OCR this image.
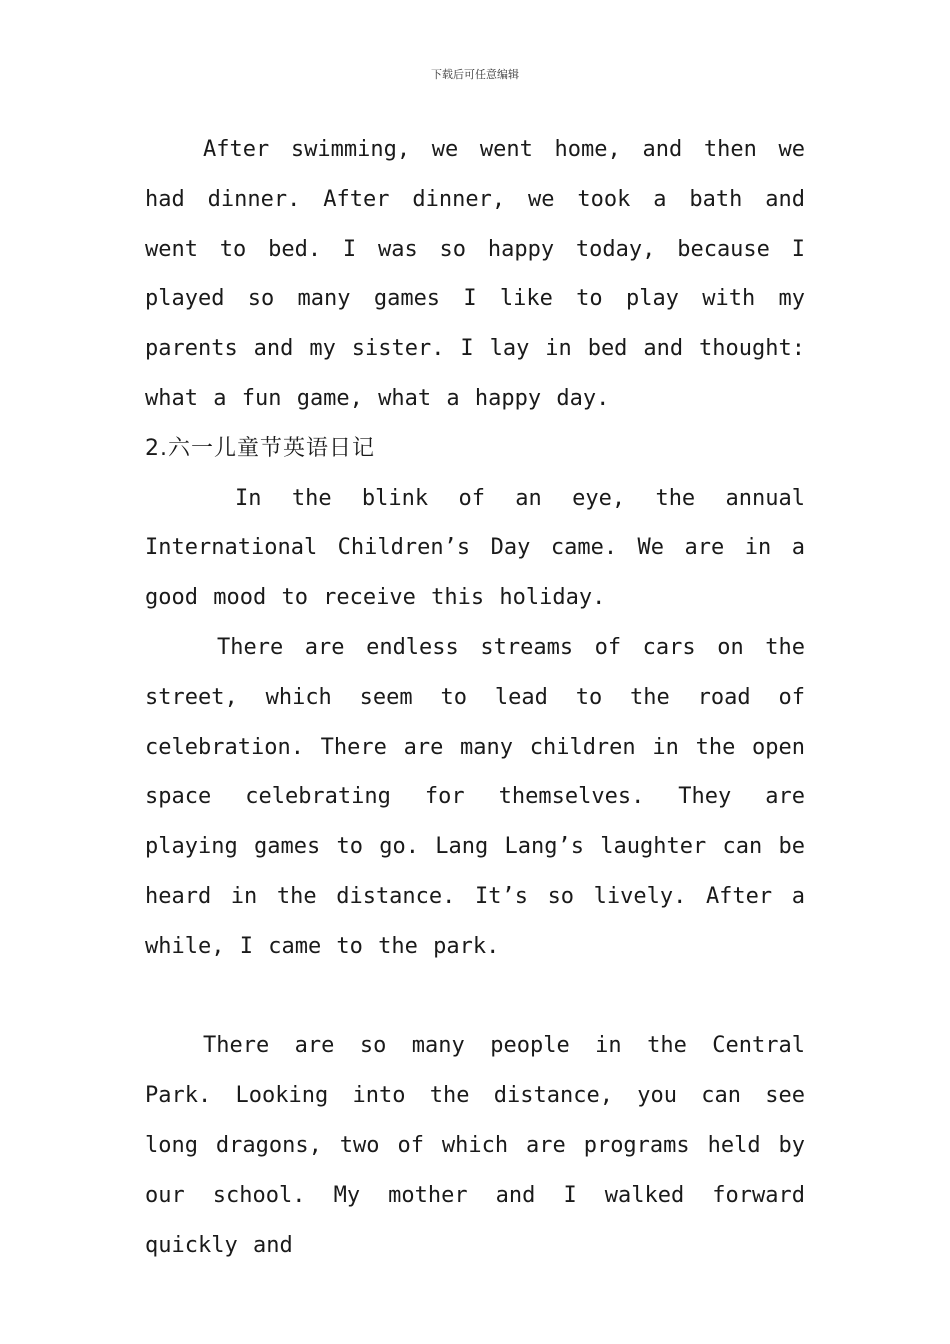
下载后可任意编辑

After swimming, we went home, and then we had dinner. After dinner, we took a bath and went to bed. I was so happy today, because I played so many games I like to play with my parents and my sister. I lay in bed and thought: what a fun game, what a happy day.

2.六一儿童节英语日记

In the blink of an eye, the annual International Children’s Day came. We are in a good mood to receive this holiday.

There are endless streams of cars on the street, which seem to lead to the road of celebration. There are many children in the open space celebrating for themselves. They are playing games to go. Lang Lang’s laughter can be heard in the distance. It’s so lively. After a while, I came to the park.

There are so many people in the Central Park. Looking into the distance, you can see long dragons, two of which are programs held by our school. My mother and I walked forward quickly and
